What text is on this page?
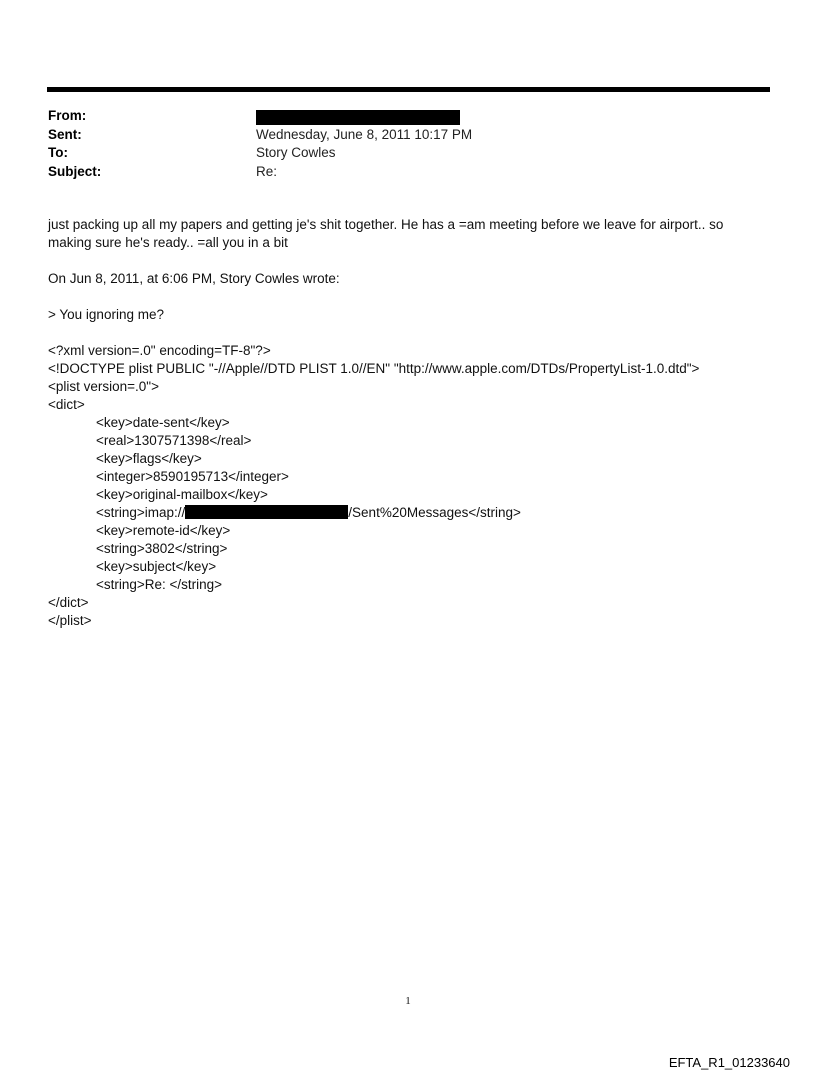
From:
Sent:	Wednesday, June 8, 2011 10:17 PM
To:	Story Cowles
Subject:	Re:

just packing up all my papers and getting je's shit together. He has a =am meeting before we leave for airport.. so

making sure he's ready.. =all you in a bit

On Jun 8, 2011, at 6:06 PM, Story Cowles wrote:

> You ignoring me?

<?xml version=.0" encoding=TF-8"?>
<!DOCTYPE plist PUBLIC "-//Apple//DTD PLIST 1.0//EN" "http://www.apple.com/DTDs/PropertyList-1.0.dtd">
<plist version=.0">
<dict>
<key>date-sent</key>
<real>1307571398</real>
<key>flags</key>
<integer>8590195713</integer>
<key>original-mailbox</key>
<string>imap://	/Sent%20Messages</string>
<key>remote-id</key>
<string>3802</string>
<key>subject</key>
<string>Re: </string>
</dict>
</plist>
1
EFTA_R1_01233640
